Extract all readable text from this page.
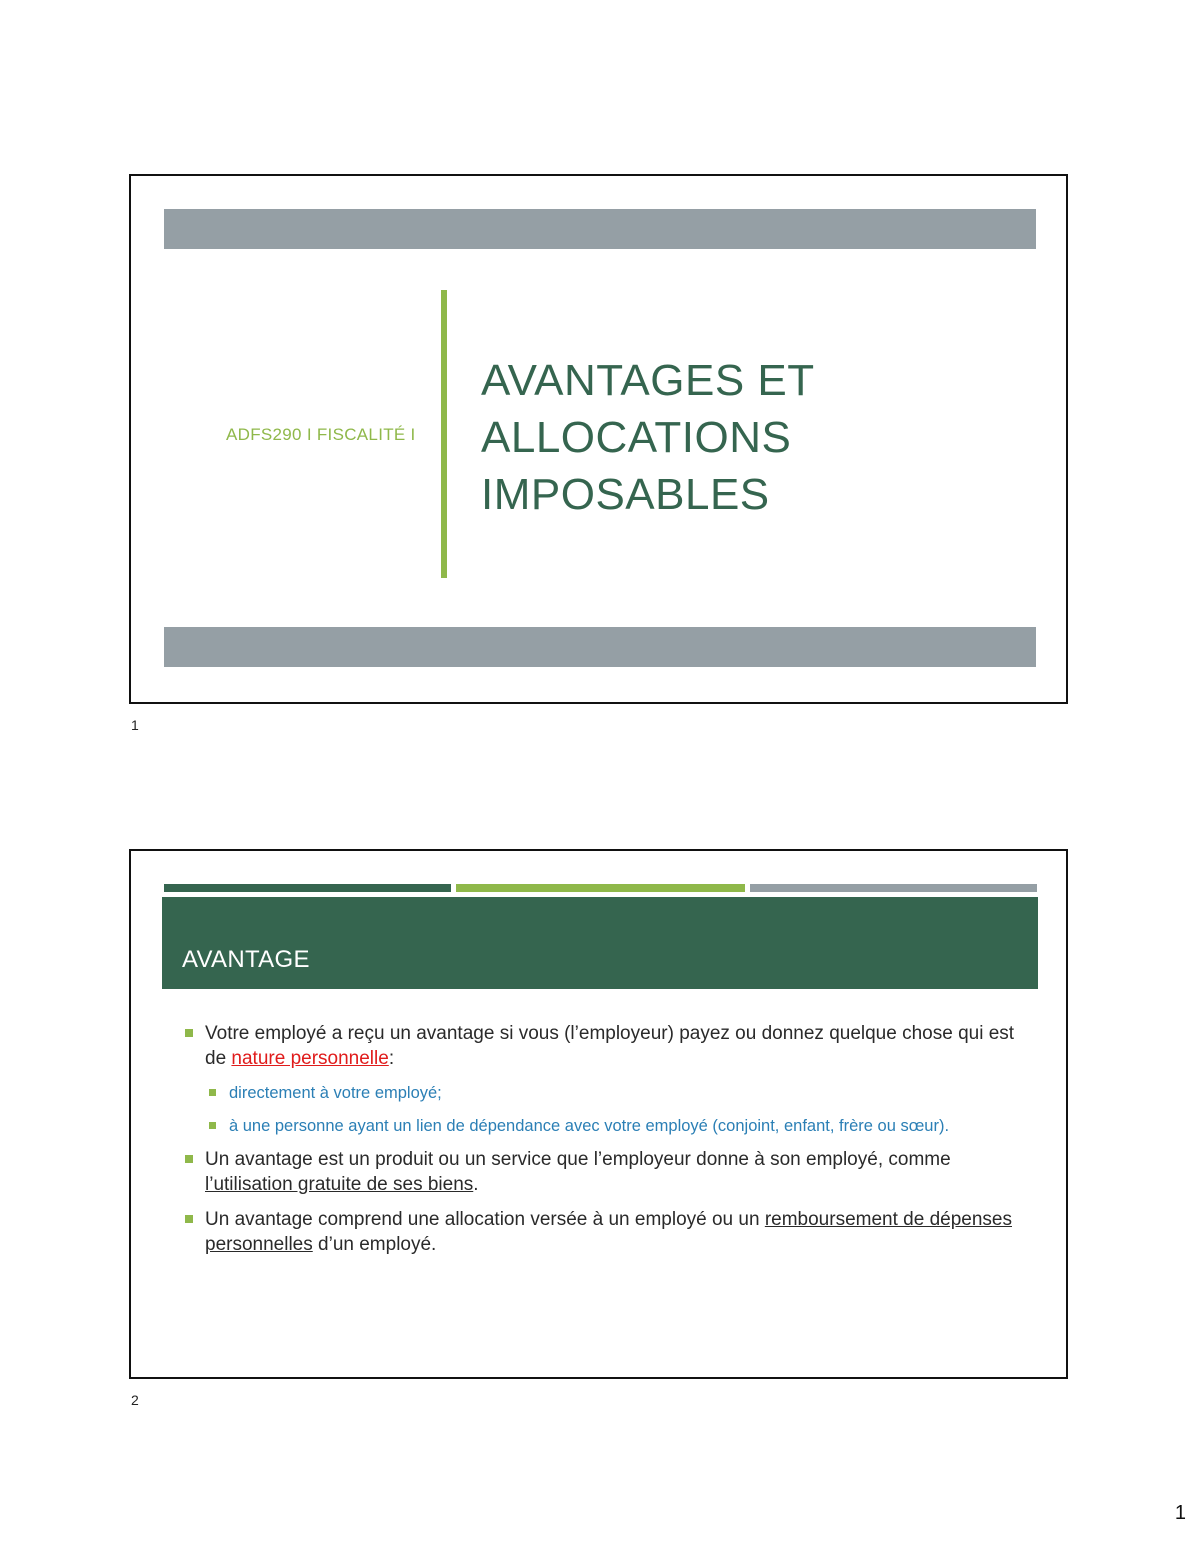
ADFS290 I FISCALITÉ I
AVANTAGES ET
ALLOCATIONS
IMPOSABLES
1
AVANTAGE
Votre employé a reçu un avantage si vous (l’employeur) payez ou donnez quelque chose qui est de nature personnelle:
directement à votre employé;
à une personne ayant un lien de dépendance avec votre employé (conjoint, enfant, frère ou sœur).
Un avantage est un produit ou un service que l’employeur donne à son employé, comme l’utilisation gratuite de ses biens.
Un avantage comprend une allocation versée à un employé ou un remboursement de dépenses personnelles d’un employé.
2
1
